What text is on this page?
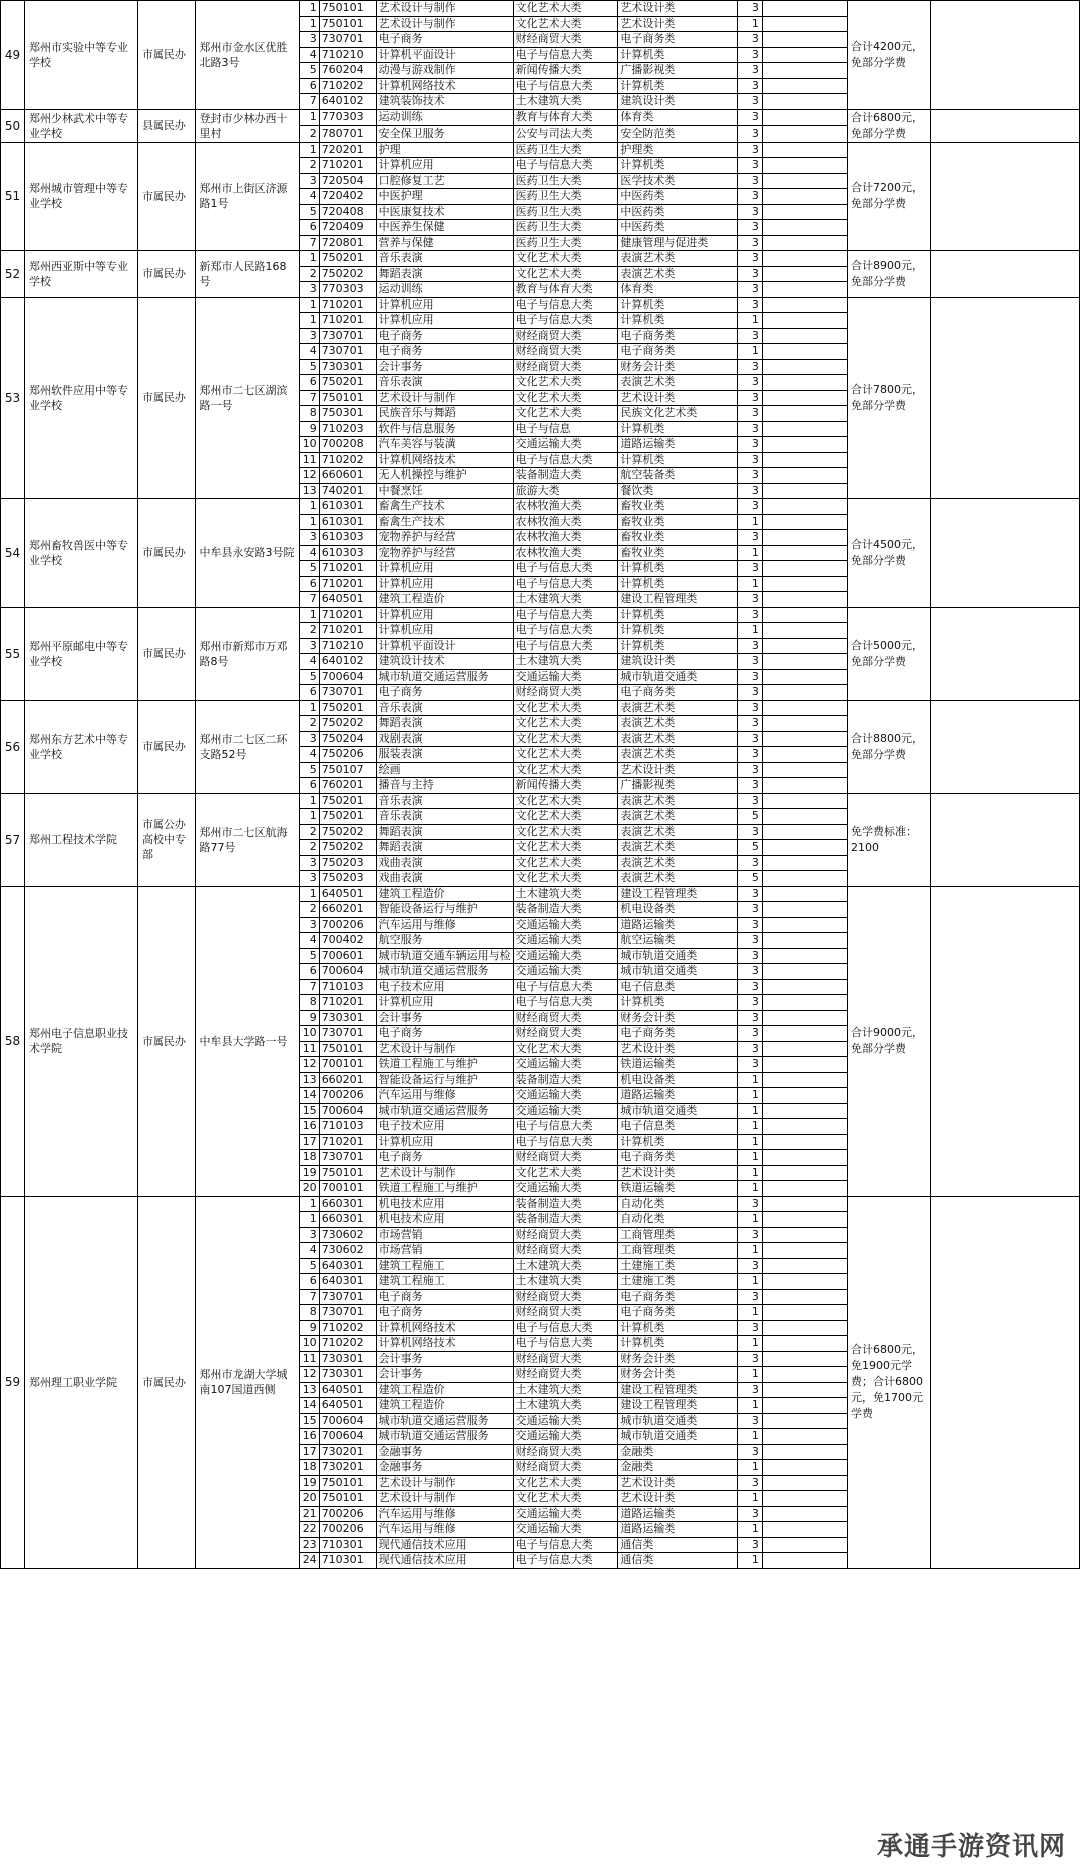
49	郑州市实验中等专业学校	市属民办	郑州市金水区优胜北路3号	1	750101	艺术设计与制作	文化艺术大类	艺术设计类	3		合计4200元，免部分学费	
				1	750101	艺术设计与制作	文化艺术大类	艺术设计类	1			
				3	730701	电子商务	财经商贸大类	电子商务类	3			
				4	710210	计算机平面设计	电子与信息大类	计算机类	3			
				5	760204	动漫与游戏制作	新闻传播大类	广播影视类	3			
				6	710202	计算机网络技术	电子与信息大类	计算机类	3			
				7	640102	建筑装饰技术	土木建筑大类	建筑设计类	3			
50	郑州少林武术中等专业学校	县属民办	登封市少林办西十里村	1	770303	运动训练	教育与体育大类	体育类	3		合计6800元，免部分学费	
				2	780701	安全保卫服务	公安与司法大类	安全防范类	3			
51	郑州城市管理中等专业学校	市属民办	郑州市上街区济源路1号	1	720201	护理	医药卫生大类	护理类	3		合计7200元，免部分学费	
				2	710201	计算机应用	电子与信息大类	计算机类	3			
				3	720504	口腔修复工艺	医药卫生大类	医学技术类	3			
				4	720402	中医护理	医药卫生大类	中医药类	3			
				5	720408	中医康复技术	医药卫生大类	中医药类	3			
				6	720409	中医养生保健	医药卫生大类	中医药类	3			
				7	720801	营养与保健	医药卫生大类	健康管理与促进类	3			
52	郑州西亚斯中等专业学校	市属民办	新郑市人民路168号	1	750201	音乐表演	文化艺术大类	表演艺术类	3		合计8900元，免部分学费	
				2	750202	舞蹈表演	文化艺术大类	表演艺术类	3			
				3	770303	运动训练	教育与体育大类	体育类	3			
53	郑州软件应用中等专业学校	市属民办	郑州市二七区湖滨路一号	1	710201	计算机应用	电子与信息大类	计算机类	3		合计7800元，免部分学费	
				1	710201	计算机应用	电子与信息大类	计算机类	1			
				3	730701	电子商务	财经商贸大类	电子商务类	3			
				4	730701	电子商务	财经商贸大类	电子商务类	1			
				5	730301	会计事务	财经商贸大类	财务会计类	3			
				6	750201	音乐表演	文化艺术大类	表演艺术类	3			
				7	750101	艺术设计与制作	文化艺术大类	艺术设计类	3			
				8	750301	民族音乐与舞蹈	文化艺术大类	民族文化艺术类	3			
				9	710203	软件与信息服务	电子与信息	计算机类	3			
				10	700208	汽车美容与装潢	交通运输大类	道路运输类	3			
				11	710202	计算机网络技术	电子与信息大类	计算机类	3			
				12	660601	无人机操控与维护	装备制造大类	航空装备类	3			
				13	740201	中餐烹饪	旅游大类	餐饮类	3			
54	郑州畜牧兽医中等专业学校	市属民办	中牟县永安路3号院	1	610301	畜禽生产技术	农林牧渔大类	畜牧业类	3		合计4500元，免部分学费	
				1	610301	畜禽生产技术	农林牧渔大类	畜牧业类	1			
				3	610303	宠物养护与经营	农林牧渔大类	畜牧业类	3			
				4	610303	宠物养护与经营	农林牧渔大类	畜牧业类	1			
				5	710201	计算机应用	电子与信息大类	计算机类	3			
				6	710201	计算机应用	电子与信息大类	计算机类	1			
				7	640501	建筑工程造价	土木建筑大类	建设工程管理类	3			
55	郑州平原邮电中等专业学校	市属民办	郑州市新郑市万邓路8号	1	710201	计算机应用	电子与信息大类	计算机类	3		合计5000元，免部分学费	
				2	710201	计算机应用	电子与信息大类	计算机类	1			
				3	710210	计算机平面设计	电子与信息大类	计算机类	3			
				4	640102	建筑设计技术	土木建筑大类	建筑设计类	3			
				5	700604	城市轨道交通运营服务	交通运输大类	城市轨道交通类	3			
				6	730701	电子商务	财经商贸大类	电子商务类	3			
56	郑州东方艺术中等专业学校	市属民办	郑州市二七区二环支路52号	1	750201	音乐表演	文化艺术大类	表演艺术类	3		合计8800元，免部分学费	
				2	750202	舞蹈表演	文化艺术大类	表演艺术类	3			
				3	750204	戏剧表演	文化艺术大类	表演艺术类	3			
				4	750206	服装表演	文化艺术大类	表演艺术类	3			
				5	750107	绘画	文化艺术大类	艺术设计类	3			
				6	760201	播音与主持	新闻传播大类	广播影视类	3			
57	郑州工程技术学院	市属公办高校中专部	郑州市二七区航海路77号	1	750201	音乐表演	文化艺术大类	表演艺术类	3		免学费标准：2100	
				1	750201	音乐表演	文化艺术大类	表演艺术类	5			
				2	750202	舞蹈表演	文化艺术大类	表演艺术类	3			
				2	750202	舞蹈表演	文化艺术大类	表演艺术类	5			
				3	750203	戏曲表演	文化艺术大类	表演艺术类	3			
				3	750203	戏曲表演	文化艺术大类	表演艺术类	5			
58	郑州电子信息职业技术学院	市属民办	中牟县大学路一号	1	640501	建筑工程造价	土木建筑大类	建设工程管理类	3		合计9000元，免部分学费	
				2	660201	智能设备运行与维护	装备制造大类	机电设备类	3			
				3	700206	汽车运用与维修	交通运输大类	道路运输类	3			
				4	700402	航空服务	交通运输大类	航空运输类	3			
				5	700601	城市轨道交通车辆运用与检	交通运输大类	城市轨道交通类	3			
				6	700604	城市轨道交通运营服务	交通运输大类	城市轨道交通类	3			
				7	710103	电子技术应用	电子与信息大类	电子信息类	3			
				8	710201	计算机应用	电子与信息大类	计算机类	3			
				9	730301	会计事务	财经商贸大类	财务会计类	3			
				10	730701	电子商务	财经商贸大类	电子商务类	3			
				11	750101	艺术设计与制作	文化艺术大类	艺术设计类	3			
				12	700101	铁道工程施工与维护	交通运输大类	铁道运输类	3			
				13	660201	智能设备运行与维护	装备制造大类	机电设备类	1			
				14	700206	汽车运用与维修	交通运输大类	道路运输类	1			
				15	700604	城市轨道交通运营服务	交通运输大类	城市轨道交通类	1			
				16	710103	电子技术应用	电子与信息大类	电子信息类	1			
				17	710201	计算机应用	电子与信息大类	计算机类	1			
				18	730701	电子商务	财经商贸大类	电子商务类	1			
				19	750101	艺术设计与制作	文化艺术大类	艺术设计类	1			
				20	700101	铁道工程施工与维护	交通运输大类	铁道运输类	1			
59	郑州理工职业学院	市属民办	郑州市龙湖大学城南107国道西侧	1	660301	机电技术应用	装备制造大类	自动化类	3		合计6800元，免1900元学费；合计6800元，免1700元学费	
				1	660301	机电技术应用	装备制造大类	自动化类	1			
				3	730602	市场营销	财经商贸大类	工商管理类	3			
				4	730602	市场营销	财经商贸大类	工商管理类	1			
				5	640301	建筑工程施工	土木建筑大类	土建施工类	3			
				6	640301	建筑工程施工	土木建筑大类	土建施工类	1			
				7	730701	电子商务	财经商贸大类	电子商务类	3			
				8	730701	电子商务	财经商贸大类	电子商务类	1			
				9	710202	计算机网络技术	电子与信息大类	计算机类	3			
				10	710202	计算机网络技术	电子与信息大类	计算机类	1			
				11	730301	会计事务	财经商贸大类	财务会计类	3			
				12	730301	会计事务	财经商贸大类	财务会计类	1			
				13	640501	建筑工程造价	土木建筑大类	建设工程管理类	3			
				14	640501	建筑工程造价	土木建筑大类	建设工程管理类	1			
				15	700604	城市轨道交通运营服务	交通运输大类	城市轨道交通类	3			
				16	700604	城市轨道交通运营服务	交通运输大类	城市轨道交通类	1			
				17	730201	金融事务	财经商贸大类	金融类	3			
				18	730201	金融事务	财经商贸大类	金融类	1			
				19	750101	艺术设计与制作	文化艺术大类	艺术设计类	3			
				20	750101	艺术设计与制作	文化艺术大类	艺术设计类	1			
				21	700206	汽车运用与维修	交通运输大类	道路运输类	3			
				22	700206	汽车运用与维修	交通运输大类	道路运输类	1			
				23	710301	现代通信技术应用	电子与信息大类	通信类	3			
				24	710301	现代通信技术应用	电子与信息大类	通信类	1			
承通手游资讯网
